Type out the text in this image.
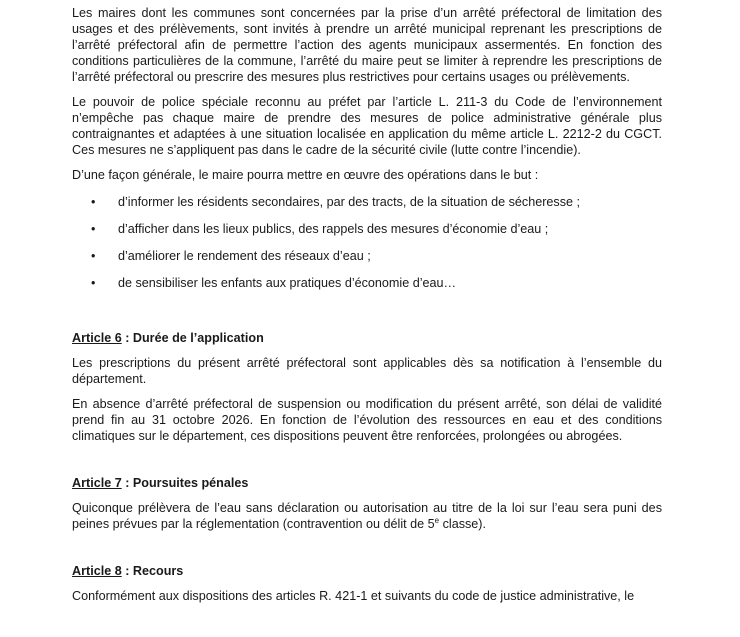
Les maires dont les communes sont concernées par la prise d’un arrêté préfectoral de limitation des usages et des prélèvements, sont invités à prendre un arrêté municipal reprenant les prescriptions de l’arrêté préfectoral afin de permettre l’action des agents municipaux assermentés. En fonction des conditions particulières de la commune, l’arrêté du maire peut se limiter à reprendre les prescriptions de l’arrêté préfectoral ou prescrire des mesures plus restrictives pour certains usages ou prélèvements.

Le pouvoir de police spéciale reconnu au préfet par l’article L. 211-3 du Code de l’environnement n’empêche pas chaque maire de prendre des mesures de police administrative générale plus contraignantes et adaptées à une situation localisée en application du même article L. 2212-2 du CGCT. Ces mesures ne s’appliquent pas dans le cadre de la sécurité civile (lutte contre l’incendie).

D’une façon générale, le maire pourra mettre en œuvre des opérations dans le but :

• d’informer les résidents secondaires, par des tracts, de la situation de sécheresse ;
• d’afficher dans les lieux publics, des rappels des mesures d’économie d’eau ;
• d’améliorer le rendement des réseaux d’eau ;
• de sensibiliser les enfants aux pratiques d’économie d’eau…
Article 6 : Durée de l’application

Les prescriptions du présent arrêté préfectoral sont applicables dès sa notification à l’ensemble du département.

En absence d’arrêté préfectoral de suspension ou modification du présent arrêté, son délai de validité prend fin au 31 octobre 2026. En fonction de l’évolution des ressources en eau et des conditions climatiques sur le département, ces dispositions peuvent être renforcées, prolongées ou abrogées.

Article 7 : Poursuites pénales

Quiconque prélèvera de l’eau sans déclaration ou autorisation au titre de la loi sur l’eau sera puni des peines prévues par la réglementation (contravention ou délit de 5e classe).

Article 8 : Recours

Conformément aux dispositions des articles R. 421-1 et suivants du code de justice administrative, le
